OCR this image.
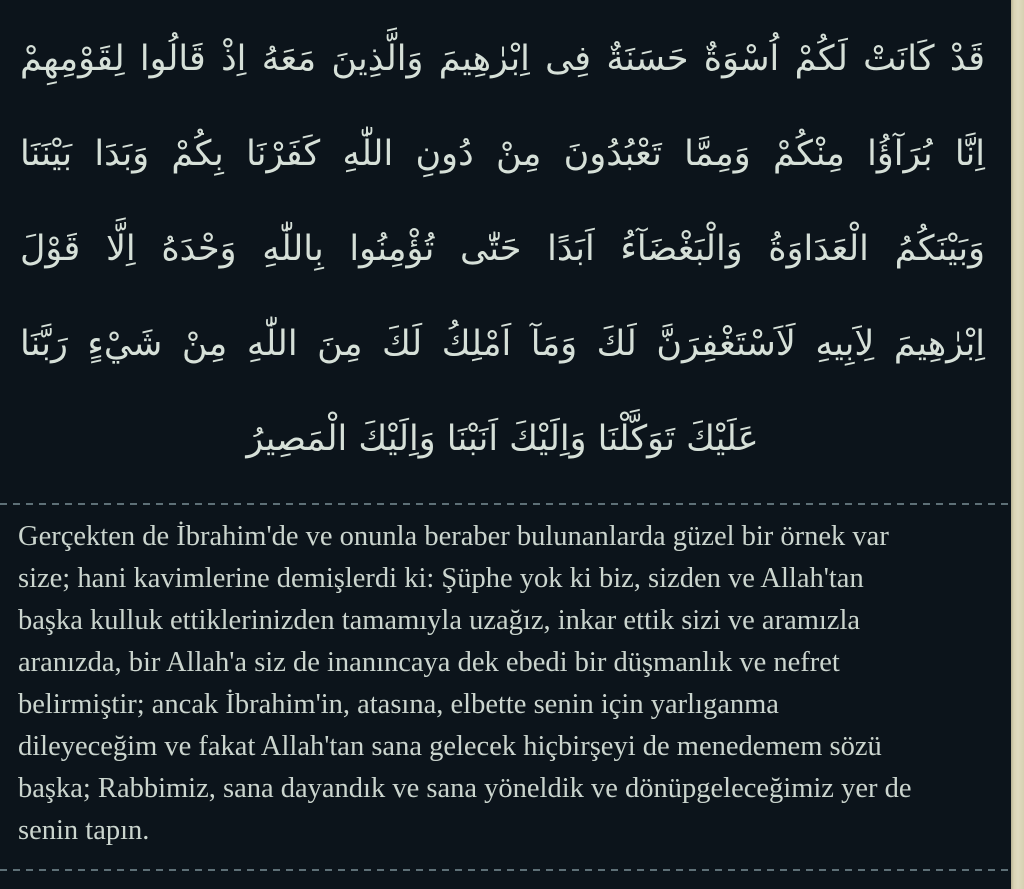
قَدْ كَانَتْ لَكُمْ اُسْوَةٌ حَسَنَةٌ فِى اِبْرٰهِيمَ وَالَّذِينَ مَعَهُ اِذْ قَالُوا لِقَوْمِهِمْ
اِنَّا بُرَآؤُا مِنْكُمْ وَمِمَّا تَعْبُدُونَ مِنْ دُونِ اللّٰهِ كَفَرْنَا بِكُمْ وَبَدَا بَيْنَنَا
وَبَيْنَكُمُ الْعَدَاوَةُ وَالْبَغْضَآءُ اَبَدًا حَتّٰى تُؤْمِنُوا بِاللّٰهِ وَحْدَهُ اِلَّا قَوْلَ
اِبْرٰهِيمَ لِاَبِيهِ لَاَسْتَغْفِرَنَّ لَكَ وَمَآ اَمْلِكُ لَكَ مِنَ اللّٰهِ مِنْ شَيْءٍ رَبَّنَا
عَلَيْكَ تَوَكَّلْنَا وَاِلَيْكَ اَنَبْنَا وَاِلَيْكَ الْمَصِيرُ
Gerçekten de İbrahim'de ve onunla beraber bulunanlarda güzel bir örnek var
size; hani kavimlerine demişlerdi ki: Şüphe yok ki biz, sizden ve Allah'tan
başka kulluk ettiklerinizden tamamıyla uzağız, inkar ettik sizi ve aramızla
aranızda, bir Allah'a siz de inanıncaya dek ebedi bir düşmanlık ve nefret
belirmiştir; ancak İbrahim'in, atasına, elbette senin için yarlıganma
dileyeceğim ve fakat Allah'tan sana gelecek hiçbirşeyi de menedemem sözü
başka; Rabbimiz, sana dayandık ve sana yöneldik ve dönüpgeleceğimiz yer de
senin tapın.
